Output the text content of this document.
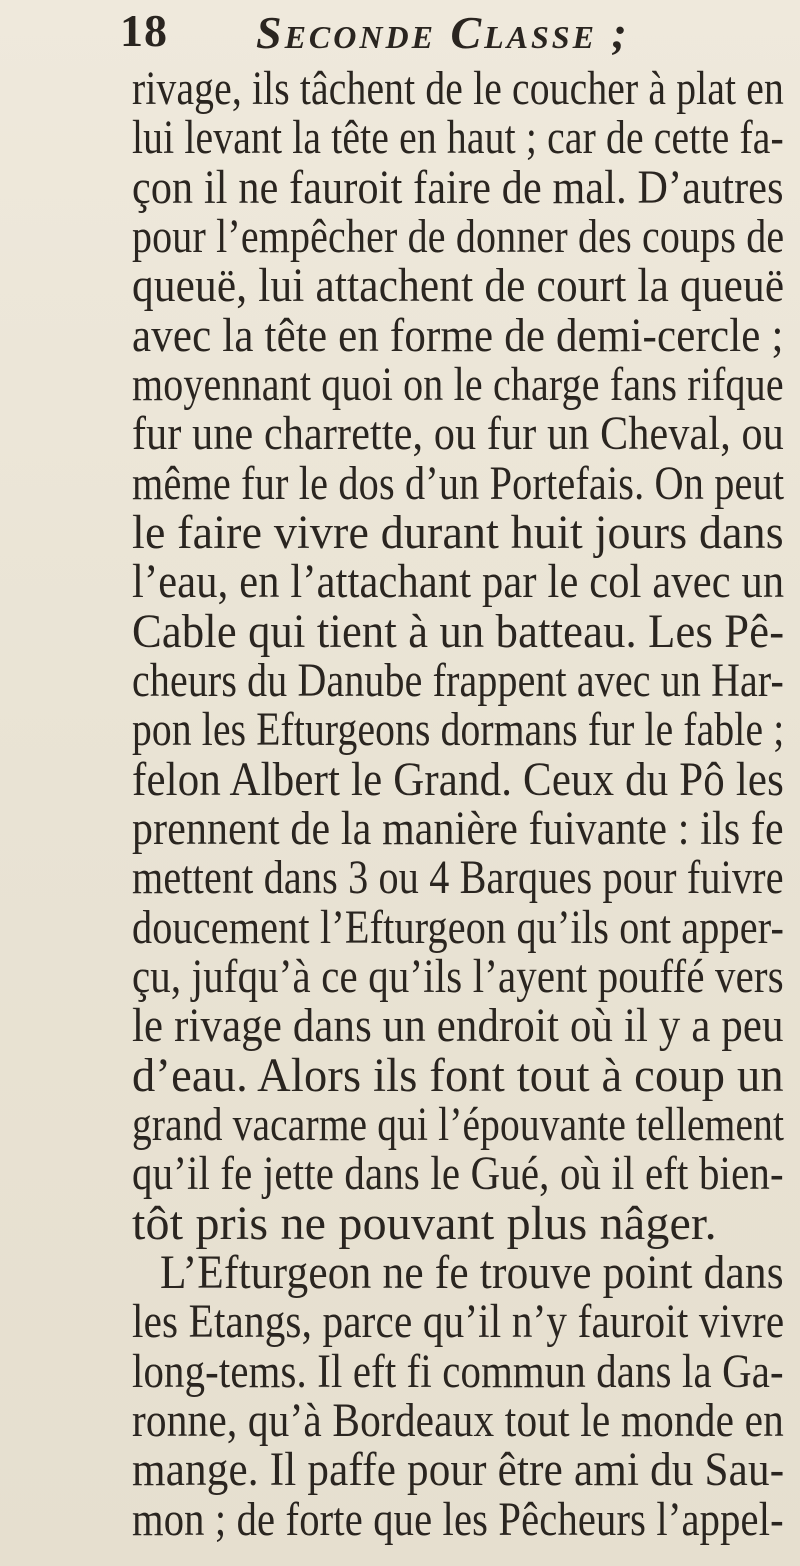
18 Seconde Classe ;
rivage, ils tâchent de le coucher à plat en
lui levant la tête en haut ; car de cette fa-
çon il ne fauroit faire de mal. D’autres
pour l’empêcher de donner des coups de
queuë, lui attachent de court la queuë
avec la tête en forme de demi-cercle ;
moyennant quoi on le charge fans rifque
fur une charrette, ou fur un Cheval, ou
même fur le dos d’un Portefais. On peut
le faire vivre durant huit jours dans
l’eau, en l’attachant par le col avec un
Cable qui tient à un batteau. Les Pê-
cheurs du Danube frappent avec un Har-
pon les Efturgeons dormans fur le fable ;
felon Albert le Grand. Ceux du Pô les
prennent de la manière fuivante : ils fe
mettent dans 3 ou 4 Barques pour fuivre
doucement l’Efturgeon qu’ils ont apper-
çu, jufqu’à ce qu’ils l’ayent pouffé vers
le rivage dans un endroit où il y a peu
d’eau. Alors ils font tout à coup un
grand vacarme qui l’épouvante tellement
qu’il fe jette dans le Gué, où il eft bien-
tôt pris ne pouvant plus nâger.
L’Efturgeon ne fe trouve point dans
les Etangs, parce qu’il n’y fauroit vivre
long-tems. Il eft fi commun dans la Ga-
ronne, qu’à Bordeaux tout le monde en
mange. Il paffe pour être ami du Sau-
mon ; de forte que les Pêcheurs l’appel-
